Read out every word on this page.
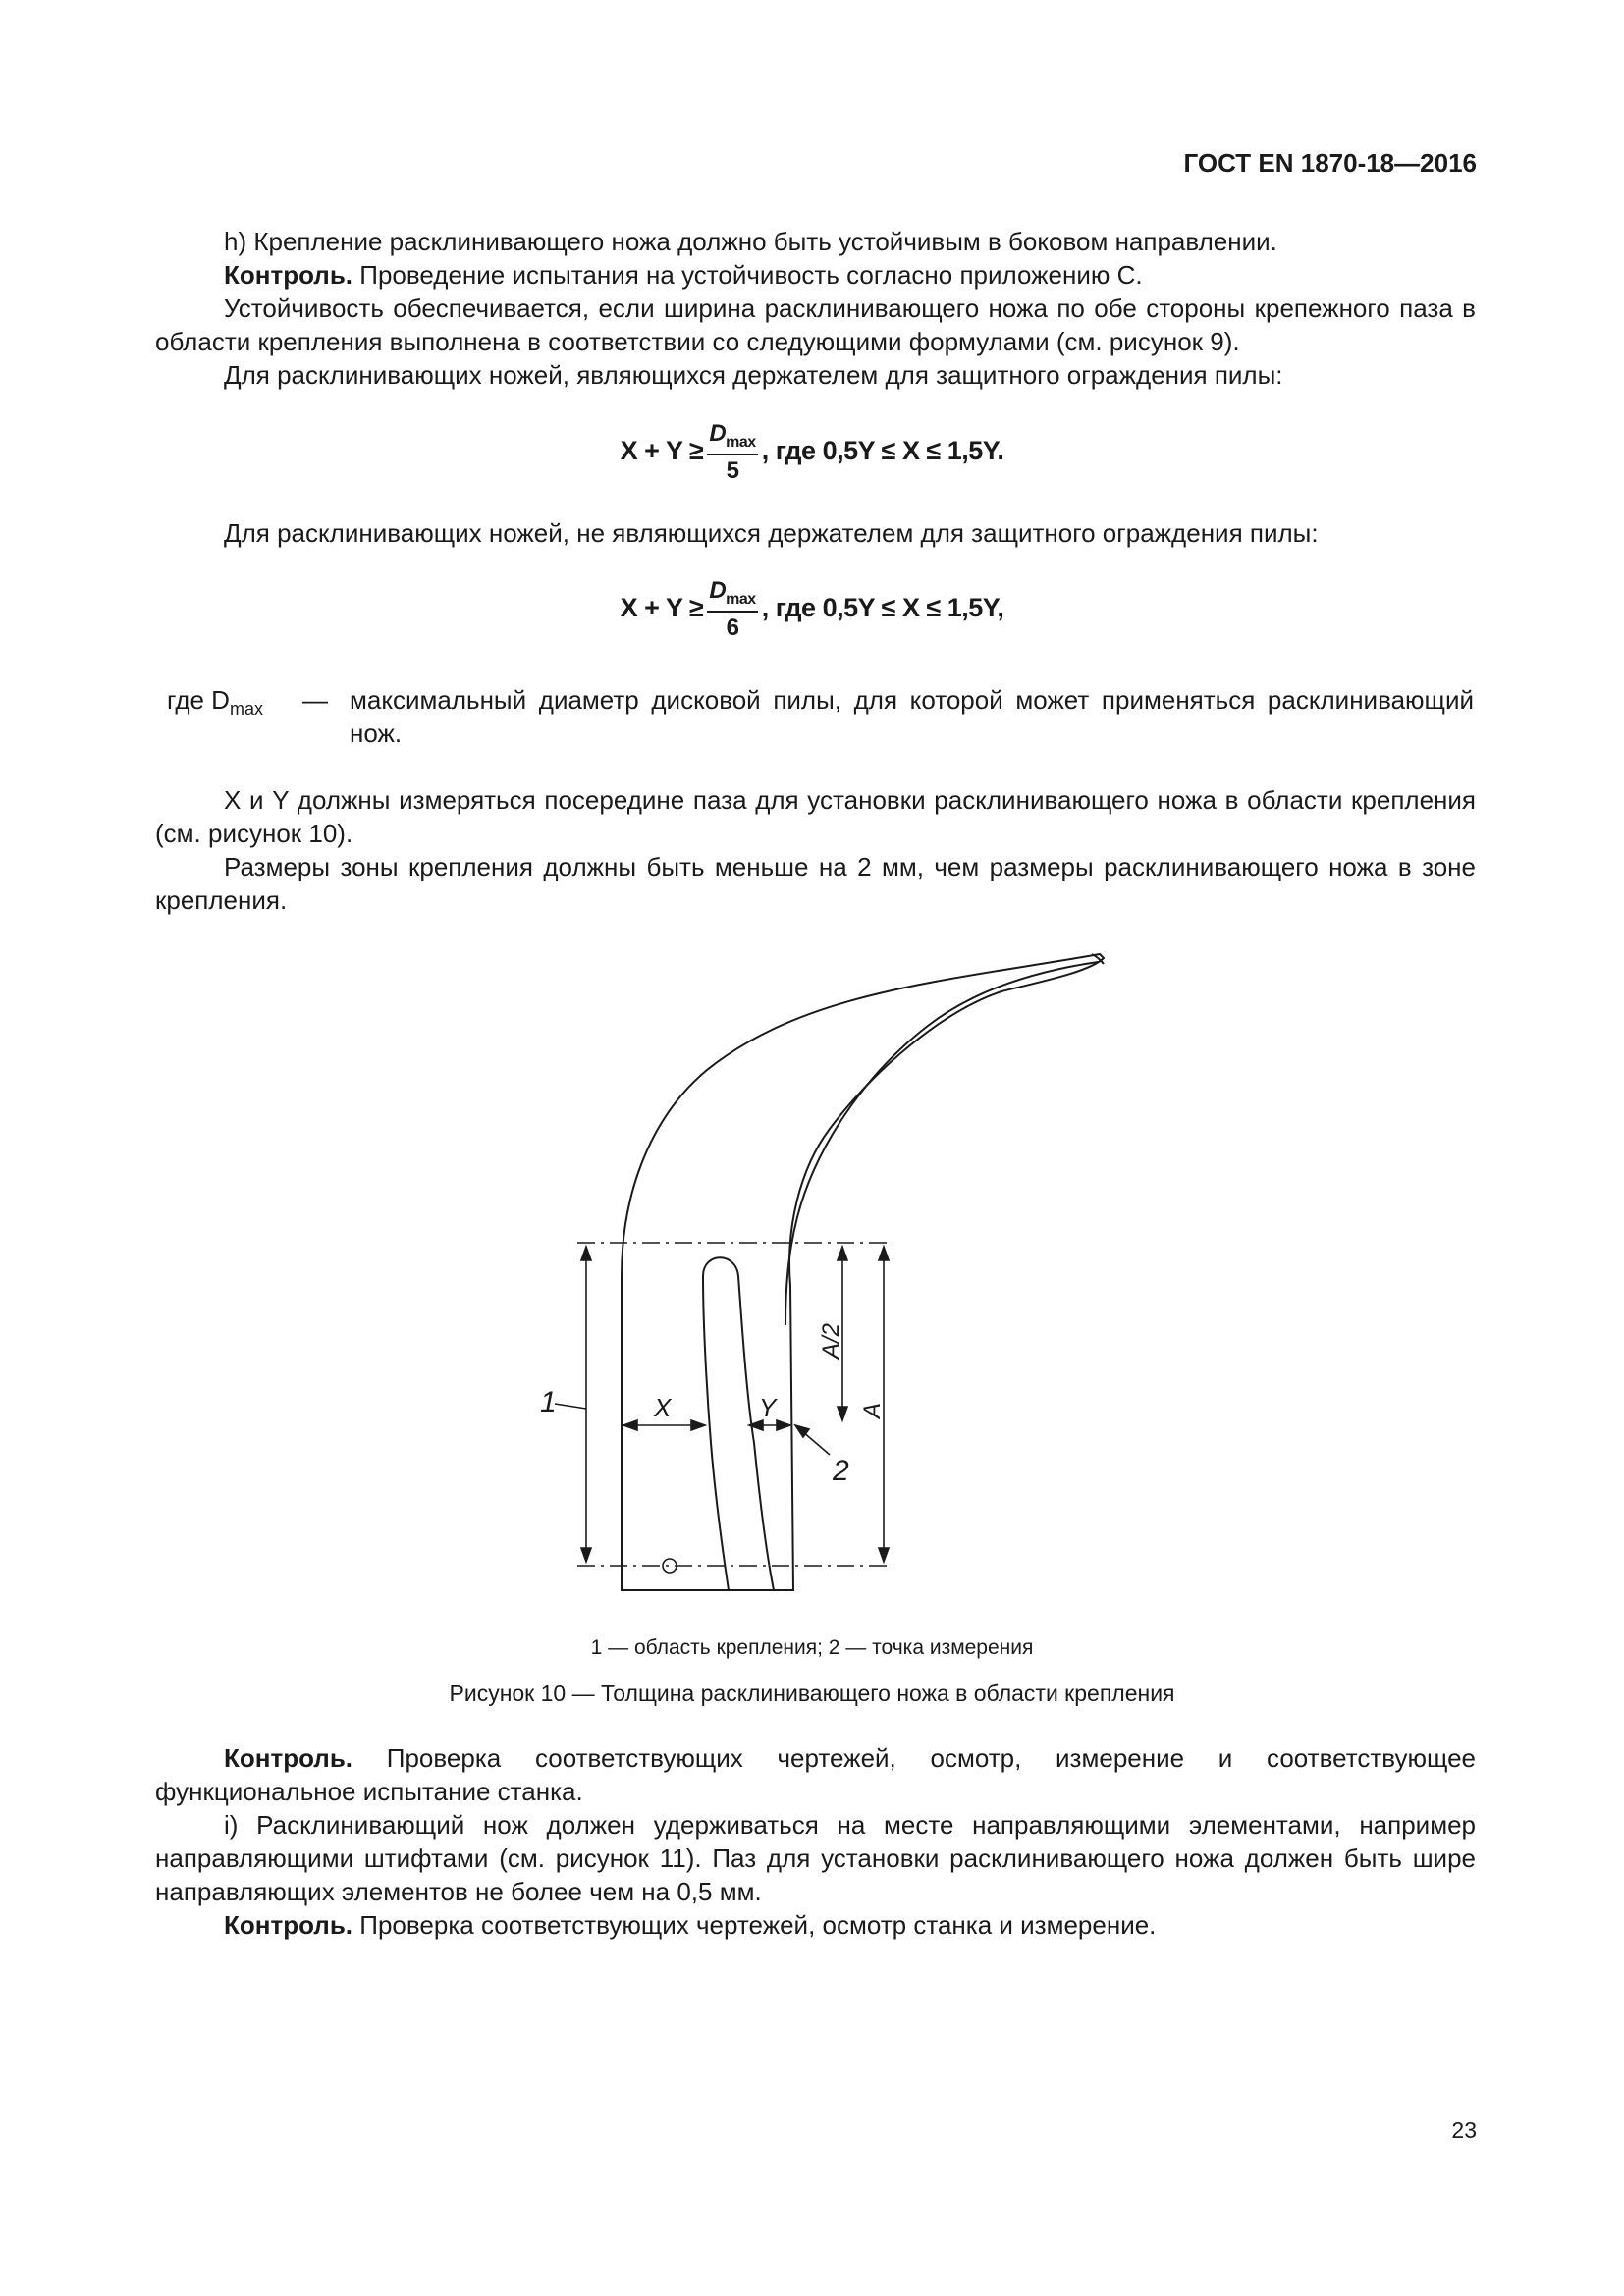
ГОСТ EN 1870-18—2016

h) Крепление расклинивающего ножа должно быть устойчивым в боковом направлении.

Контроль. Проведение испытания на устойчивость согласно приложению С.

Устойчивость обеспечивается, если ширина расклинивающего ножа по обе стороны крепежного паза в области крепления выполнена в соответствии со следующими формулами (см. рисунок 9).

Для расклинивающих ножей, являющихся держателем для защитного ограждения пилы:

$X + Y \ge \frac{D_{max}}{5}$ , где 0,5Y ≤ X ≤ 1,5Y.

Для расклинивающих ножей, не являющихся держателем для защитного ограждения пилы:

$X + Y \ge \frac{D_{max}}{6}$ , где 0,5Y ≤ X ≤ 1,5Y,
где $D_{max}$ — максимальный диаметр дисковой пилы, для которой может применяться расклинивающий нож.

X и Y должны измеряться посередине паза для установки расклинивающего ножа в области крепления (см. рисунок 10).

Размеры зоны крепления должны быть меньше на 2 мм, чем размеры расклинивающего ножа в зоне крепления.

1
2
X	Y
A/2
A
1 — область крепления; 2 — точка измерения
Рисунок 10 — Толщина расклинивающего ножа в области крепления

Контроль. Проверка соответствующих чертежей, осмотр, измерение и соответствующее функциональное испытание станка.

i) Расклинивающий нож должен удерживаться на месте направляющими элементами, например направляющими штифтами (см. рисунок 11). Паз для установки расклинивающего ножа должен быть шире направляющих элементов не более чем на 0,5 мм.

Контроль. Проверка соответствующих чертежей, осмотр станка и измерение.

23
